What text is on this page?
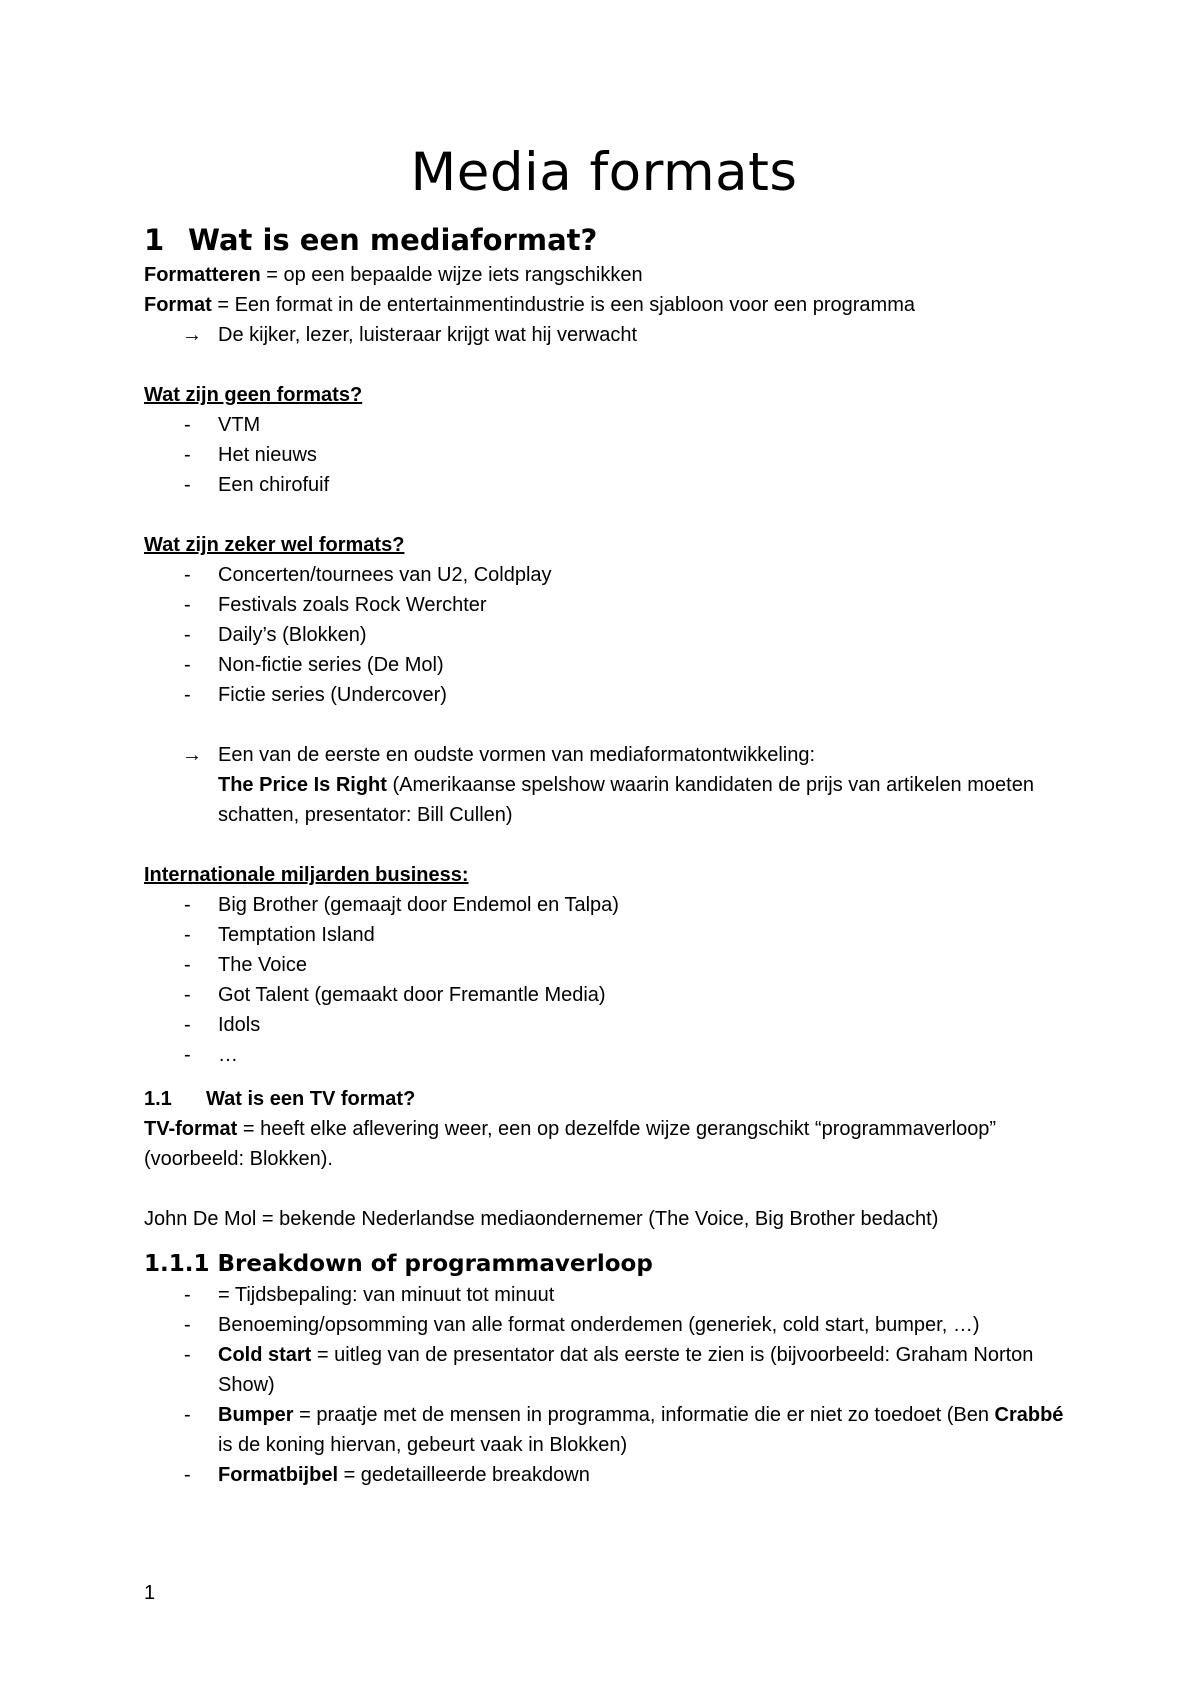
Media formats
1 Wat is een mediaformat?

Formatteren = op een bepaalde wijze iets rangschikken

Format = Een format in de entertainmentindustrie is een sjabloon voor een programma

→ De kijker, lezer, luisteraar krijgt wat hij verwacht
Wat zijn geen formats?
- VTM
- Het nieuws
- Een chirofuif
Wat zijn zeker wel formats?
- Concerten/tournees van U2, Coldplay
- Festivals zoals Rock Werchter
- Daily’s (Blokken)
- Non-fictie series (De Mol)
- Fictie series (Undercover)
→ Een van de eerste en oudste vormen van mediaformatontwikkeling:
The Price Is Right (Amerikaanse spelshow waarin kandidaten de prijs van artikelen moeten schatten, presentator: Bill Cullen)
Internationale miljarden business:
- Big Brother (gemaajt door Endemol en Talpa)
- Temptation Island
- The Voice
- Got Talent (gemaakt door Fremantle Media)
- Idols
- …
1.1 Wat is een TV format?

TV-format = heeft elke aflevering weer, een op dezelfde wijze gerangschikt “programmaverloop” (voorbeeld: Blokken).

John De Mol = bekende Nederlandse mediaondernemer (The Voice, Big Brother bedacht)

1.1.1 Breakdown of programmaverloop
- = Tijdsbepaling: van minuut tot minuut
- Benoeming/opsomming van alle format onderdemen (generiek, cold start, bumper, …)
- Cold start = uitleg van de presentator dat als eerste te zien is (bijvoorbeeld: Graham Norton Show)
- Bumper = praatje met de mensen in programma, informatie die er niet zo toedoet (Ben Crabbé is de koning hiervan, gebeurt vaak in Blokken)
- Formatbijbel = gedetailleerde breakdown
1
